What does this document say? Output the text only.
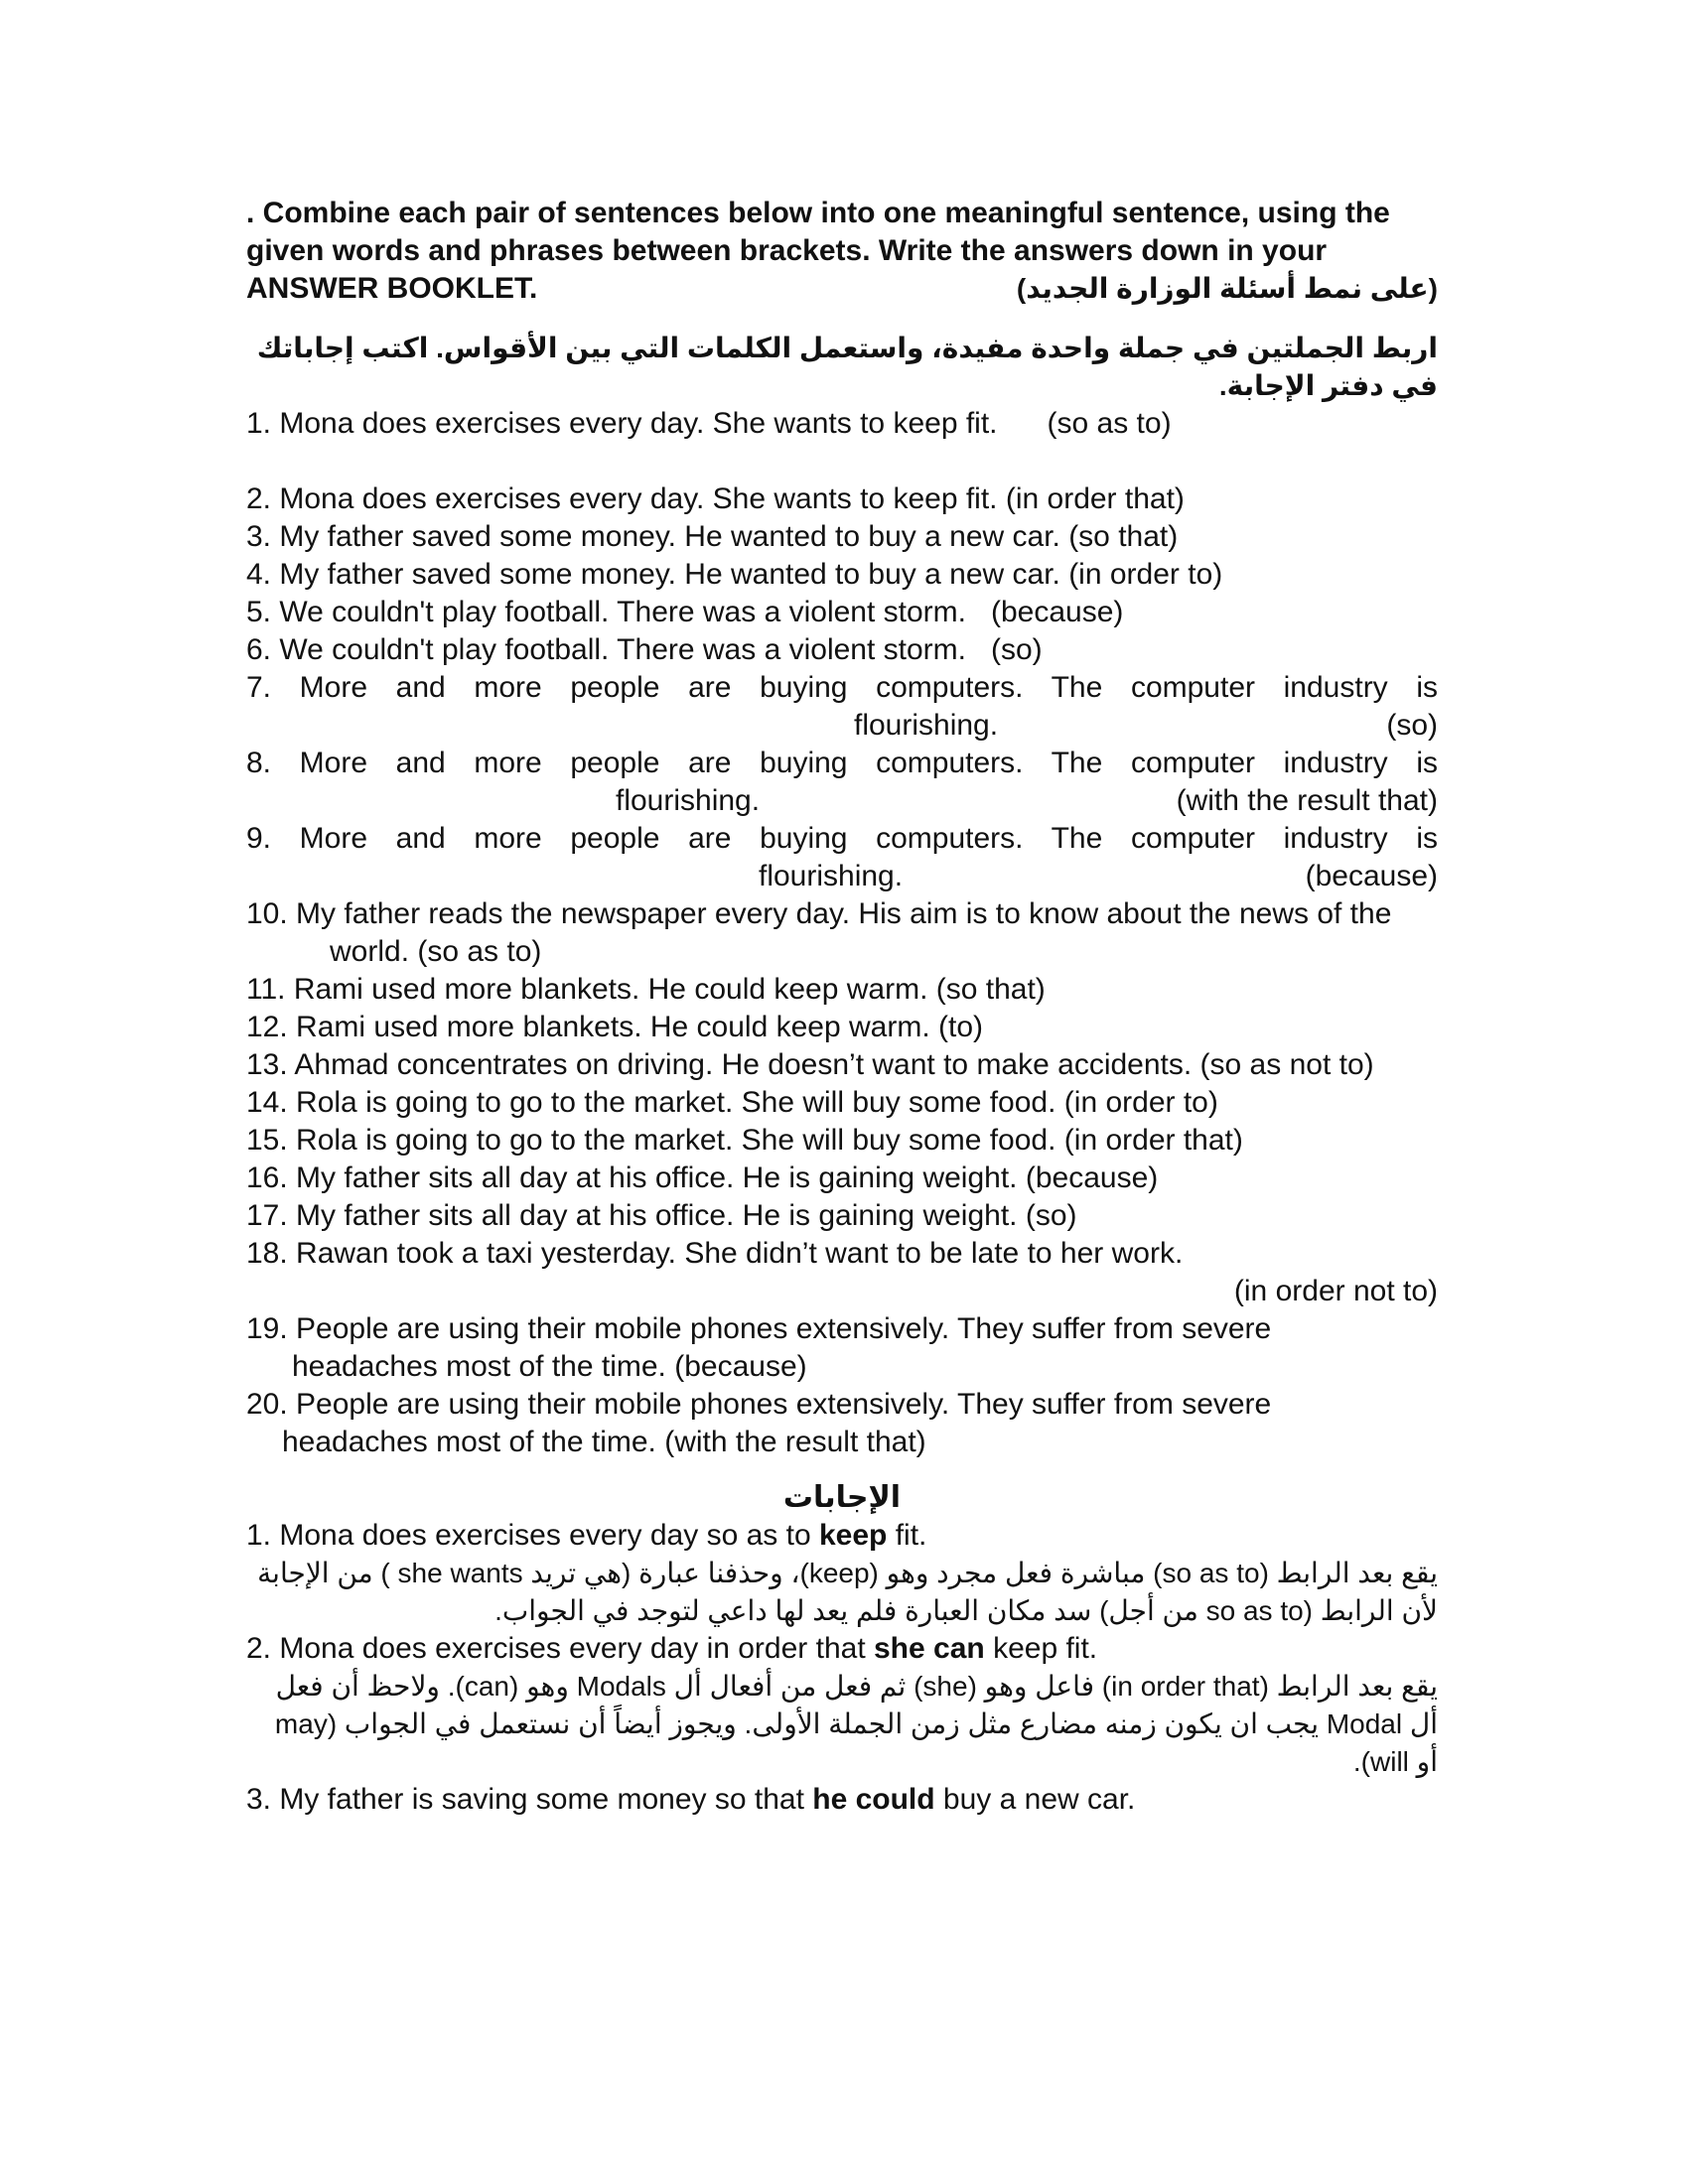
. Combine each pair of sentences below into one meaningful sentence, using the given words and phrases between brackets. Write the answers down in your
ANSWER BOOKLET.	(على نمط أسئلة الوزارة الجديد)
اربط الجملتين في جملة واحدة مفيدة، واستعمل الكلمات التي بين الأقواس. اكتب إجاباتك في دفتر الإجابة.
1. Mona does exercises every day. She wants to keep fit.      (so as to)
2. Mona does exercises every day. She wants to keep fit. (in order that)
3. My father saved some money. He wanted to buy a new car. (so that)
4. My father saved some money. He wanted to buy a new car. (in order to)
5. We couldn't play football. There was a violent storm.   (because)
6. We couldn't play football. There was a violent storm.   (so)
7. More and more people are buying computers. The computer industry is
flourishing.	(so)
8. More and more people are buying computers. The computer industry is
flourishing.	(with the result that)
9. More and more people are buying computers. The computer industry is
flourishing.	(because)
10. My father reads the newspaper every day. His aim is to know about the news of the
world. (so as to)
11. Rami used more blankets. He could keep warm. (so that)
12. Rami used more blankets. He could keep warm. (to)
13. Ahmad concentrates on driving. He doesn’t want to make accidents. (so as not to)
14. Rola is going to go to the market. She will buy some food. (in order to)
15. Rola is going to go to the market. She will buy some food. (in order that)
16. My father sits all day at his office. He is gaining weight. (because)
17. My father sits all day at his office. He is gaining weight. (so)
18. Rawan took a taxi yesterday. She didn’t want to be late to her work.
(in order not to)
19. People are using their mobile phones extensively. They suffer from severe
headaches most of the time. (because)
20. People are using their mobile phones extensively. They suffer from severe
headaches most of the time. (with the result that)
الإجابات
1. Mona does exercises every day so as to keep fit.
يقع بعد الرابط (so as to) مباشرة فعل مجرد وهو (keep)، وحذفنا عبارة (هي تريد she wants ) من الإجابة لأن الرابط (so as to من أجل) سد مكان العبارة فلم يعد لها داعي لتوجد في الجواب.
2. Mona does exercises every day in order that she can keep fit.
يقع بعد الرابط (in order that) فاعل وهو (she) ثم فعل من أفعال أل Modals وهو (can). ولاحظ أن فعل أل Modal يجب ان يكون زمنه مضارع مثل زمن الجملة الأولى. ويجوز أيضاً أن نستعمل في الجواب (may أو will).
3. My father is saving some money so that he could buy a new car.
